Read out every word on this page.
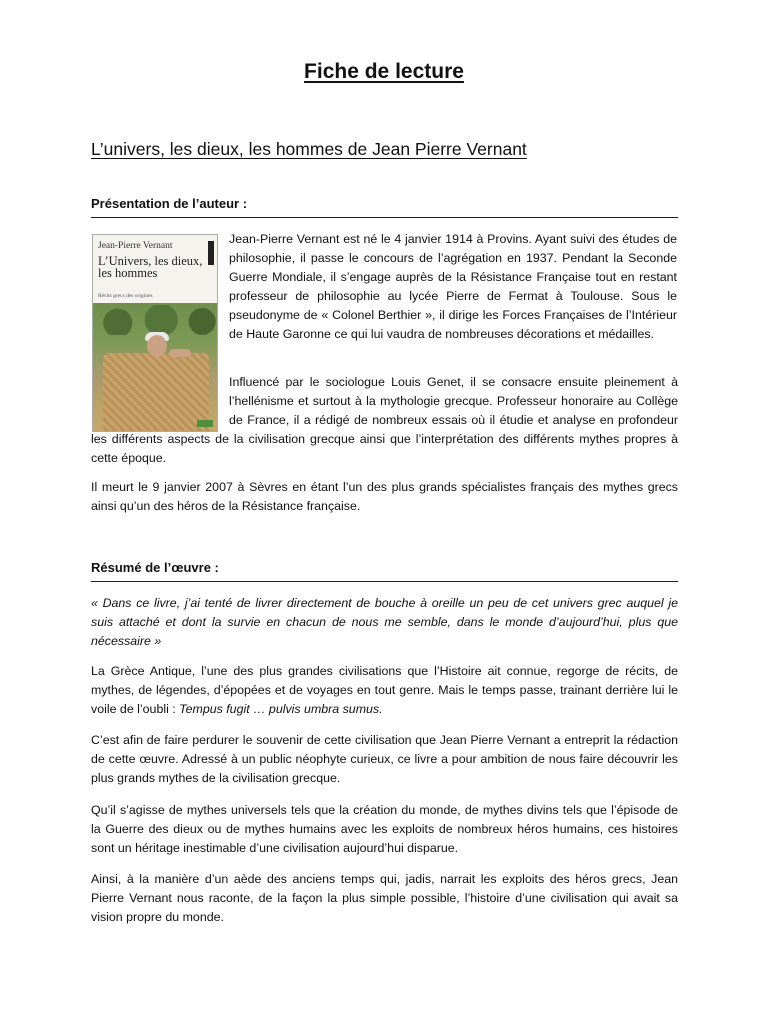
Fiche de lecture
L’univers, les dieux, les hommes de Jean Pierre Vernant
Présentation de l’auteur :
Jean-Pierre Vernant
L’Univers, les dieux, les hommes
Récits grecs des origines

Jean-Pierre Vernant est né le 4 janvier 1914 à Provins. Ayant suivi des études de philosophie, il passe le concours de l’agrégation en 1937. Pendant la Seconde Guerre Mondiale, il s’engage auprès de la Résistance Française tout en restant professeur de philosophie au lycée Pierre de Fermat à Toulouse. Sous le pseudonyme de « Colonel Berthier », il dirige les Forces Françaises de l’Intérieur de Haute Garonne ce qui lui vaudra de nombreuses décorations et médailles.

Influencé par le sociologue Louis Genet, il se consacre ensuite pleinement à l’hellénisme et surtout à la mythologie grecque. Professeur honoraire au Collège de France, il a rédigé de nombreux essais où il étudie et analyse en profondeur les différents aspects de la civilisation grecque ainsi que l’interprétation des différents mythes propres à cette époque.

Il meurt le 9 janvier 2007 à Sèvres en étant l’un des plus grands spécialistes français des mythes grecs ainsi qu’un des héros de la Résistance française.

Résumé de l’œuvre :

« Dans ce livre, j’ai tenté de livrer directement de bouche à oreille un peu de cet univers grec auquel je suis attaché et dont la survie en chacun de nous me semble, dans le monde d’aujourd’hui, plus que nécessaire »

La Grèce Antique, l’une des plus grandes civilisations que l’Histoire ait connue, regorge de récits, de mythes, de légendes, d’épopées et de voyages en tout genre. Mais le temps passe, trainant derrière lui le voile de l’oubli : Tempus fugit … pulvis umbra sumus.

C’est afin de faire perdurer le souvenir de cette civilisation que Jean Pierre Vernant a entreprit la rédaction de cette œuvre. Adressé à un public néophyte curieux, ce livre a pour ambition de nous faire découvrir les plus grands mythes de la civilisation grecque.

Qu’il s’agisse de mythes universels tels que la création du monde, de mythes divins tels que l’épisode de la Guerre des dieux ou de mythes humains avec les exploits de nombreux héros humains, ces histoires sont un héritage inestimable d’une civilisation aujourd’hui disparue.

Ainsi, à la manière d’un aède des anciens temps qui, jadis, narrait les exploits des héros grecs, Jean Pierre Vernant nous raconte, de la façon la plus simple possible, l’histoire d’une civilisation qui avait sa vision propre du monde.
